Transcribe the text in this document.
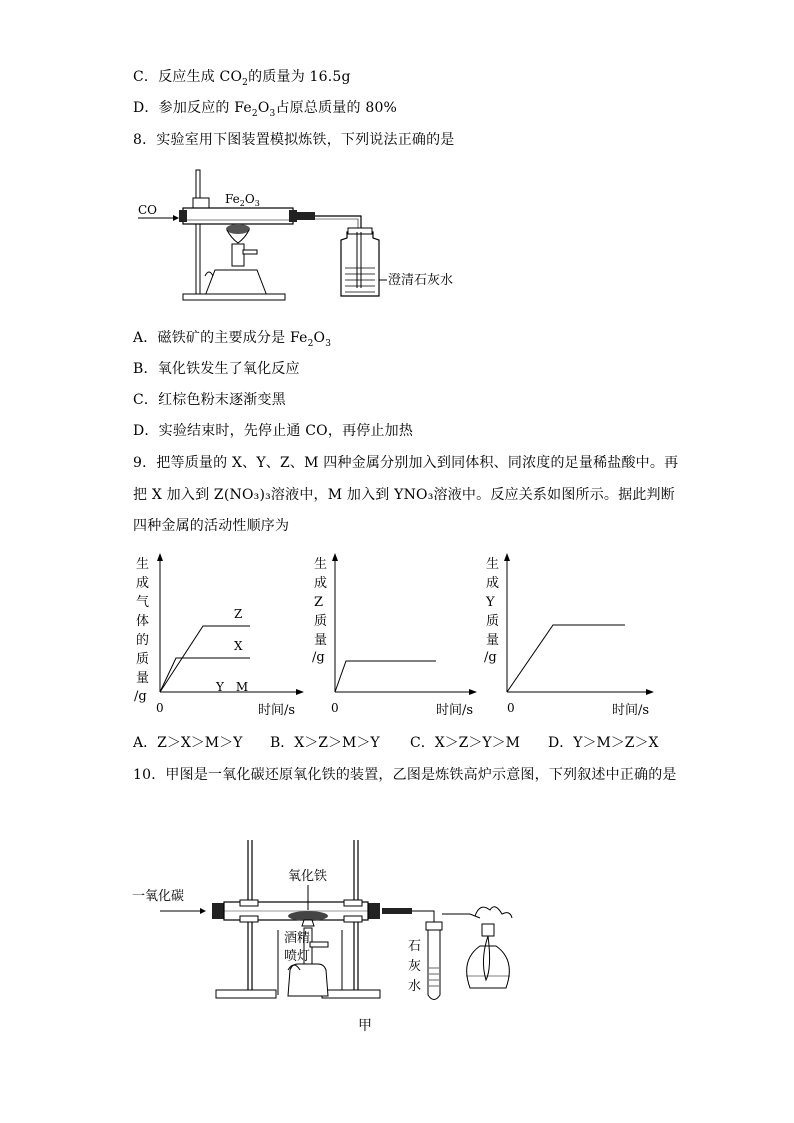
C．反应生成 $CO_2$的质量为 16.5g
D．参加反应的 $Fe_2O_3$占原总质量的 80%
8．实验室用下图装置模拟炼铁，下列说法正确的是
CO
$Fe_2O_3$
澄清石灰水
A．磁铁矿的主要成分是 $Fe_2O_3$
B．氧化铁发生了氧化反应
C．红棕色粉末逐渐变黑
D．实验结束时，先停止通 CO，再停止加热
9．把等质量的 X、Y、Z、M 四种金属分别加入到同体积、同浓度的足量稀盐酸中。再
把 X 加入到 Z(NO₃)₃溶液中，M 加入到 YNO₃溶液中。反应关系如图所示。据此判断
四种金属的活动性顺序为
生
成
气
体
的
质
量
/g
0	时间/s
Z
X
Y　M
生
成
Z
质
量
/g
0	时间/s
生
成
Y
质
量
/g
0	时间/s
A．Z＞X＞M＞Y B．X＞Z＞M＞Y C．X＞Z＞Y＞M D．Y＞M＞Z＞X
10．甲图是一氧化碳还原氧化铁的装置，乙图是炼铁高炉示意图，下列叙述中正确的是
一氧化碳
氧化铁
酒精
喷灯
石
灰
水
甲
